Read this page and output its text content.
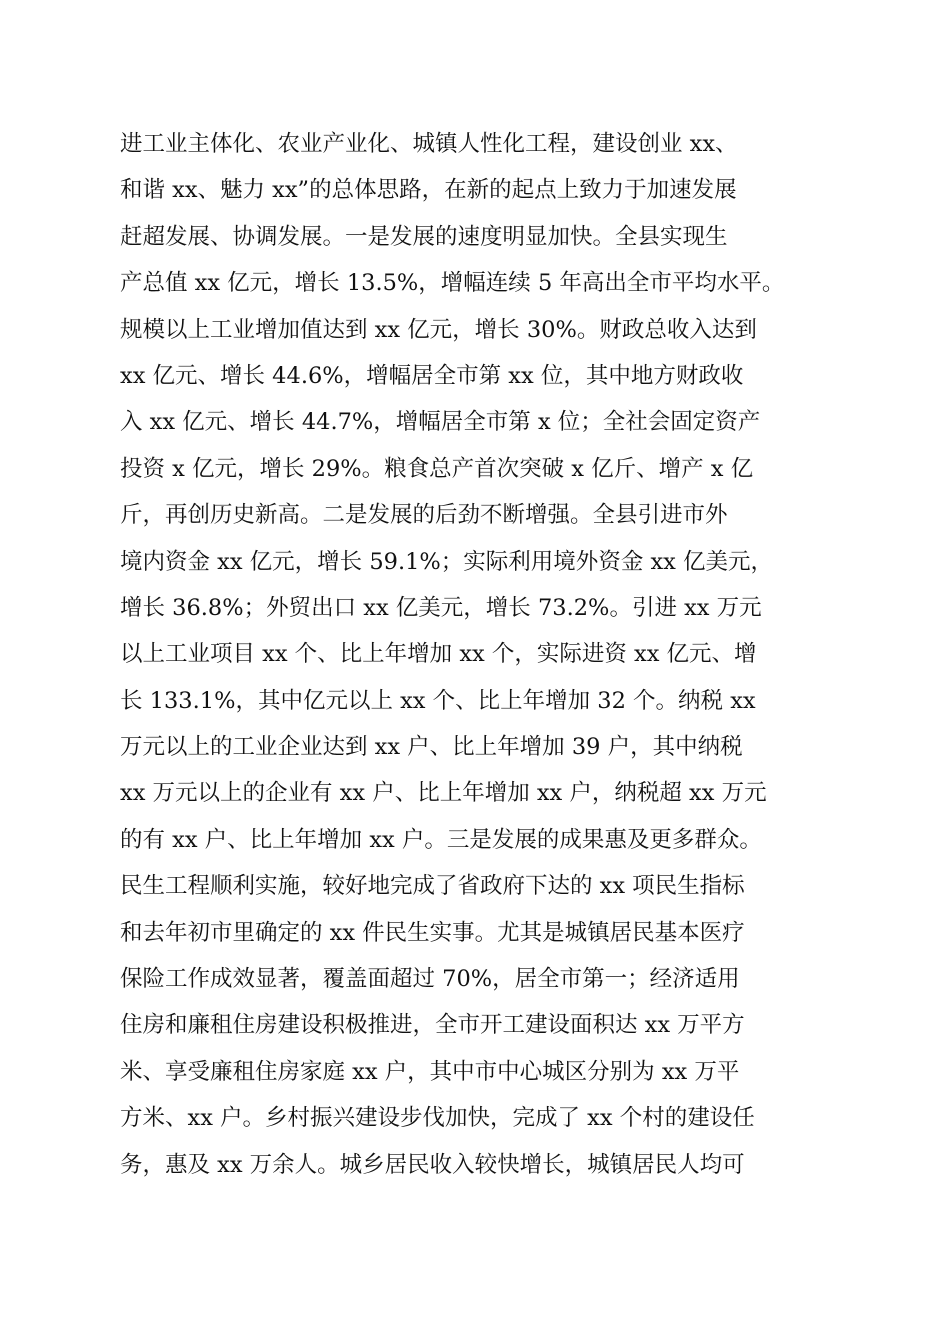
进工业主体化、农业产业化、城镇人性化工程，建设创业 xx、
和谐 xx、魅力 xx”的总体思路，在新的起点上致力于加速发展
赶超发展、协调发展。一是发展的速度明显加快。全县实现生
产总值 xx 亿元，增长 13.5%，增幅连续 5 年高出全市平均水平。
规模以上工业增加值达到 xx 亿元，增长 30%。财政总收入达到
xx 亿元、增长 44.6%，增幅居全市第 xx 位，其中地方财政收
入 xx 亿元、增长 44.7%，增幅居全市第 x 位；全社会固定资产
投资 x 亿元，增长 29%。粮食总产首次突破 x 亿斤、增产 x 亿
斤，再创历史新高。二是发展的后劲不断增强。全县引进市外
境内资金 xx 亿元，增长 59.1%；实际利用境外资金 xx 亿美元，
增长 36.8%；外贸出口 xx 亿美元，增长 73.2%。引进 xx 万元
以上工业项目 xx 个、比上年增加 xx 个，实际进资 xx 亿元、增
长 133.1%，其中亿元以上 xx 个、比上年增加 32 个。纳税 xx
万元以上的工业企业达到 xx 户、比上年增加 39 户，其中纳税
xx 万元以上的企业有 xx 户、比上年增加 xx 户，纳税超 xx 万元
的有 xx 户、比上年增加 xx 户。三是发展的成果惠及更多群众。
民生工程顺利实施，较好地完成了省政府下达的 xx 项民生指标
和去年初市里确定的 xx 件民生实事。尤其是城镇居民基本医疗
保险工作成效显著，覆盖面超过 70%，居全市第一；经济适用
住房和廉租住房建设积极推进，全市开工建设面积达 xx 万平方
米、享受廉租住房家庭 xx 户，其中市中心城区分别为 xx 万平
方米、xx 户。乡村振兴建设步伐加快，完成了 xx 个村的建设任
务，惠及 xx 万余人。城乡居民收入较快增长，城镇居民人均可
